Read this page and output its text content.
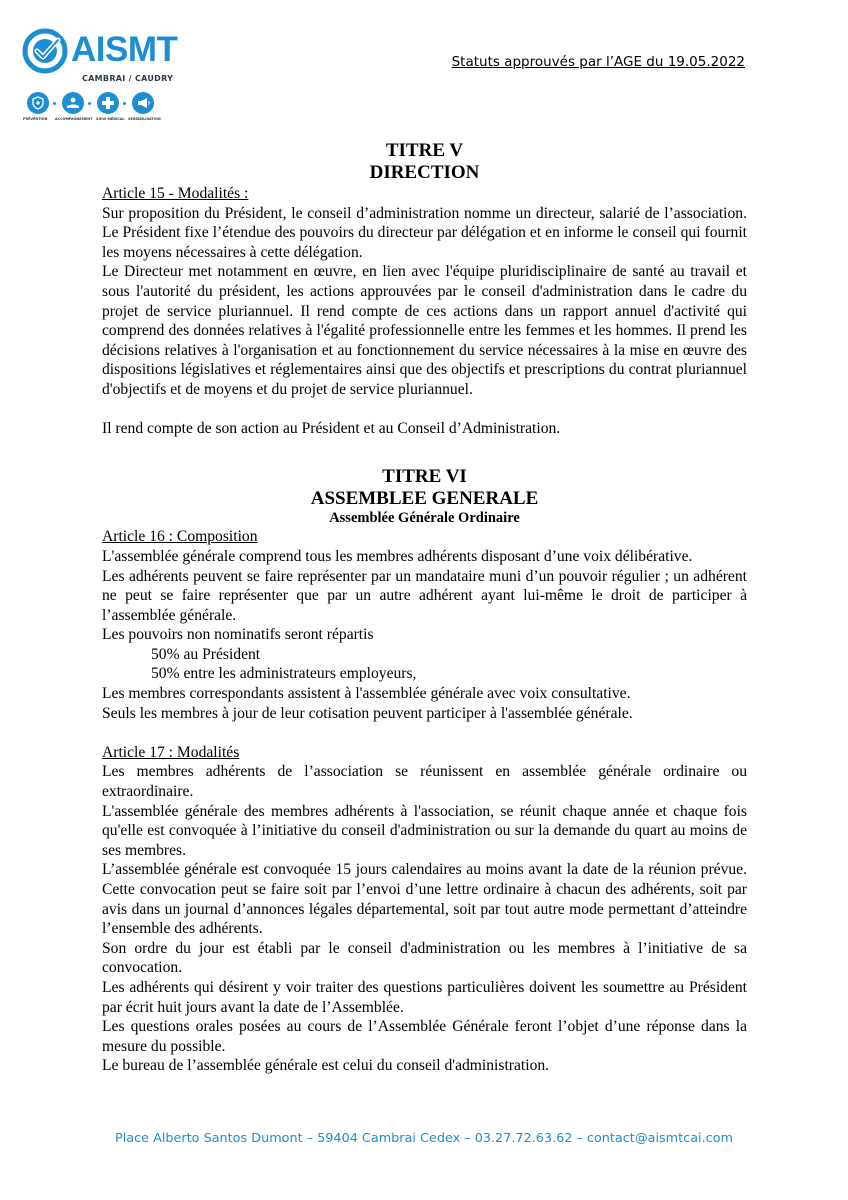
AISMT
CAMBRAI / CAUDRY
PRÉVENTION ACCOMPAGNEMENT SUIVI MÉDICAL SENSIBILISATION
Statuts approuvés par l’AGE du 19.05.2022
TITRE V
DIRECTION
Article 15 - Modalités :
Sur proposition du Président, le conseil d’administration nomme un directeur, salarié de l’association. Le Président fixe l’étendue des pouvoirs du directeur par délégation et en informe le conseil qui fournit les moyens nécessaires à cette délégation.
Le Directeur met notamment en œuvre, en lien avec l'équipe pluridisciplinaire de santé au travail et sous l'autorité du président, les actions approuvées par le conseil d'administration dans le cadre du projet de service pluriannuel. Il rend compte de ces actions dans un rapport annuel d'activité qui comprend des données relatives à l'égalité professionnelle entre les femmes et les hommes. Il prend les décisions relatives à l'organisation et au fonctionnement du service nécessaires à la mise en œuvre des dispositions législatives et réglementaires ainsi que des objectifs et prescriptions du contrat pluriannuel d'objectifs et de moyens et du projet de service pluriannuel.
Il rend compte de son action au Président et au Conseil d’Administration.
TITRE VI
ASSEMBLEE GENERALE
Assemblée Générale Ordinaire
Article 16 : Composition
L'assemblée générale comprend tous les membres adhérents disposant d’une voix délibérative.
Les adhérents peuvent se faire représenter par un mandataire muni d’un pouvoir régulier ; un adhérent ne peut se faire représenter que par un autre adhérent ayant lui-même le droit de participer à l’assemblée générale.
Les pouvoirs non nominatifs seront répartis
50% au Président
50% entre les administrateurs employeurs,
Les membres correspondants assistent à l'assemblée générale avec voix consultative.
Seuls les membres à jour de leur cotisation peuvent participer à l'assemblée générale.
Article 17 : Modalités
Les membres adhérents de l’association se réunissent en assemblée générale ordinaire ou extraordinaire.
L'assemblée générale des membres adhérents à l'association, se réunit chaque année et chaque fois qu'elle est convoquée à l’initiative du conseil d'administration ou sur la demande du quart au moins de ses membres.
L’assemblée générale est convoquée 15 jours calendaires au moins avant la date de la réunion prévue. Cette convocation peut se faire soit par l’envoi d’une lettre ordinaire à chacun des adhérents, soit par avis dans un journal d’annonces légales départemental, soit par tout autre mode permettant d’atteindre l’ensemble des adhérents.
Son ordre du jour est établi par le conseil d'administration ou les membres à l’initiative de sa convocation.
Les adhérents qui désirent y voir traiter des questions particulières doivent les soumettre au Président par écrit huit jours avant la date de l’Assemblée.
Les questions orales posées au cours de l’Assemblée Générale feront l’objet d’une réponse dans la mesure du possible.
Le bureau de l’assemblée générale est celui du conseil d'administration.
Place Alberto Santos Dumont – 59404 Cambrai Cedex – 03.27.72.63.62 – contact@aismtcai.com
